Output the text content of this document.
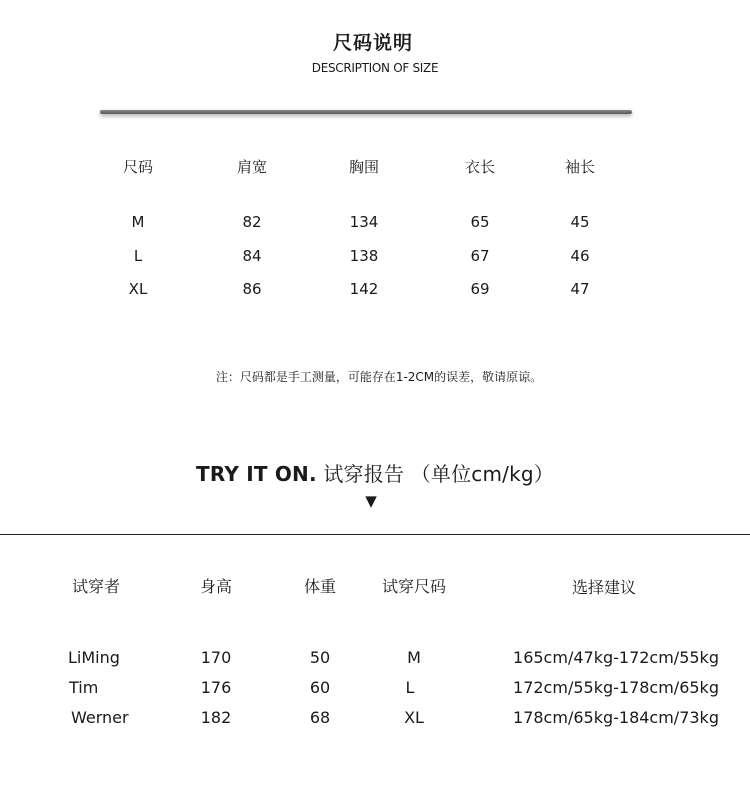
尺码说明
DESCRIPTION OF SIZE
尺码	肩宽	胸围	衣长	袖长
M	82	134	65	45
L	84	138	67	46
XL	86	142	69	47
注：尺码都是手工测量，可能存在1-2CM的误差，敬请原谅。
TRY IT ON. 试穿报告 （单位cm/kg）
▼
试穿者	身高	体重	试穿尺码	选择建议
LiMing	170	50	M	165cm/47kg-172cm/55kg
Tim	176	60	L	172cm/55kg-178cm/65kg
Werner	182	68	XL	178cm/65kg-184cm/73kg
